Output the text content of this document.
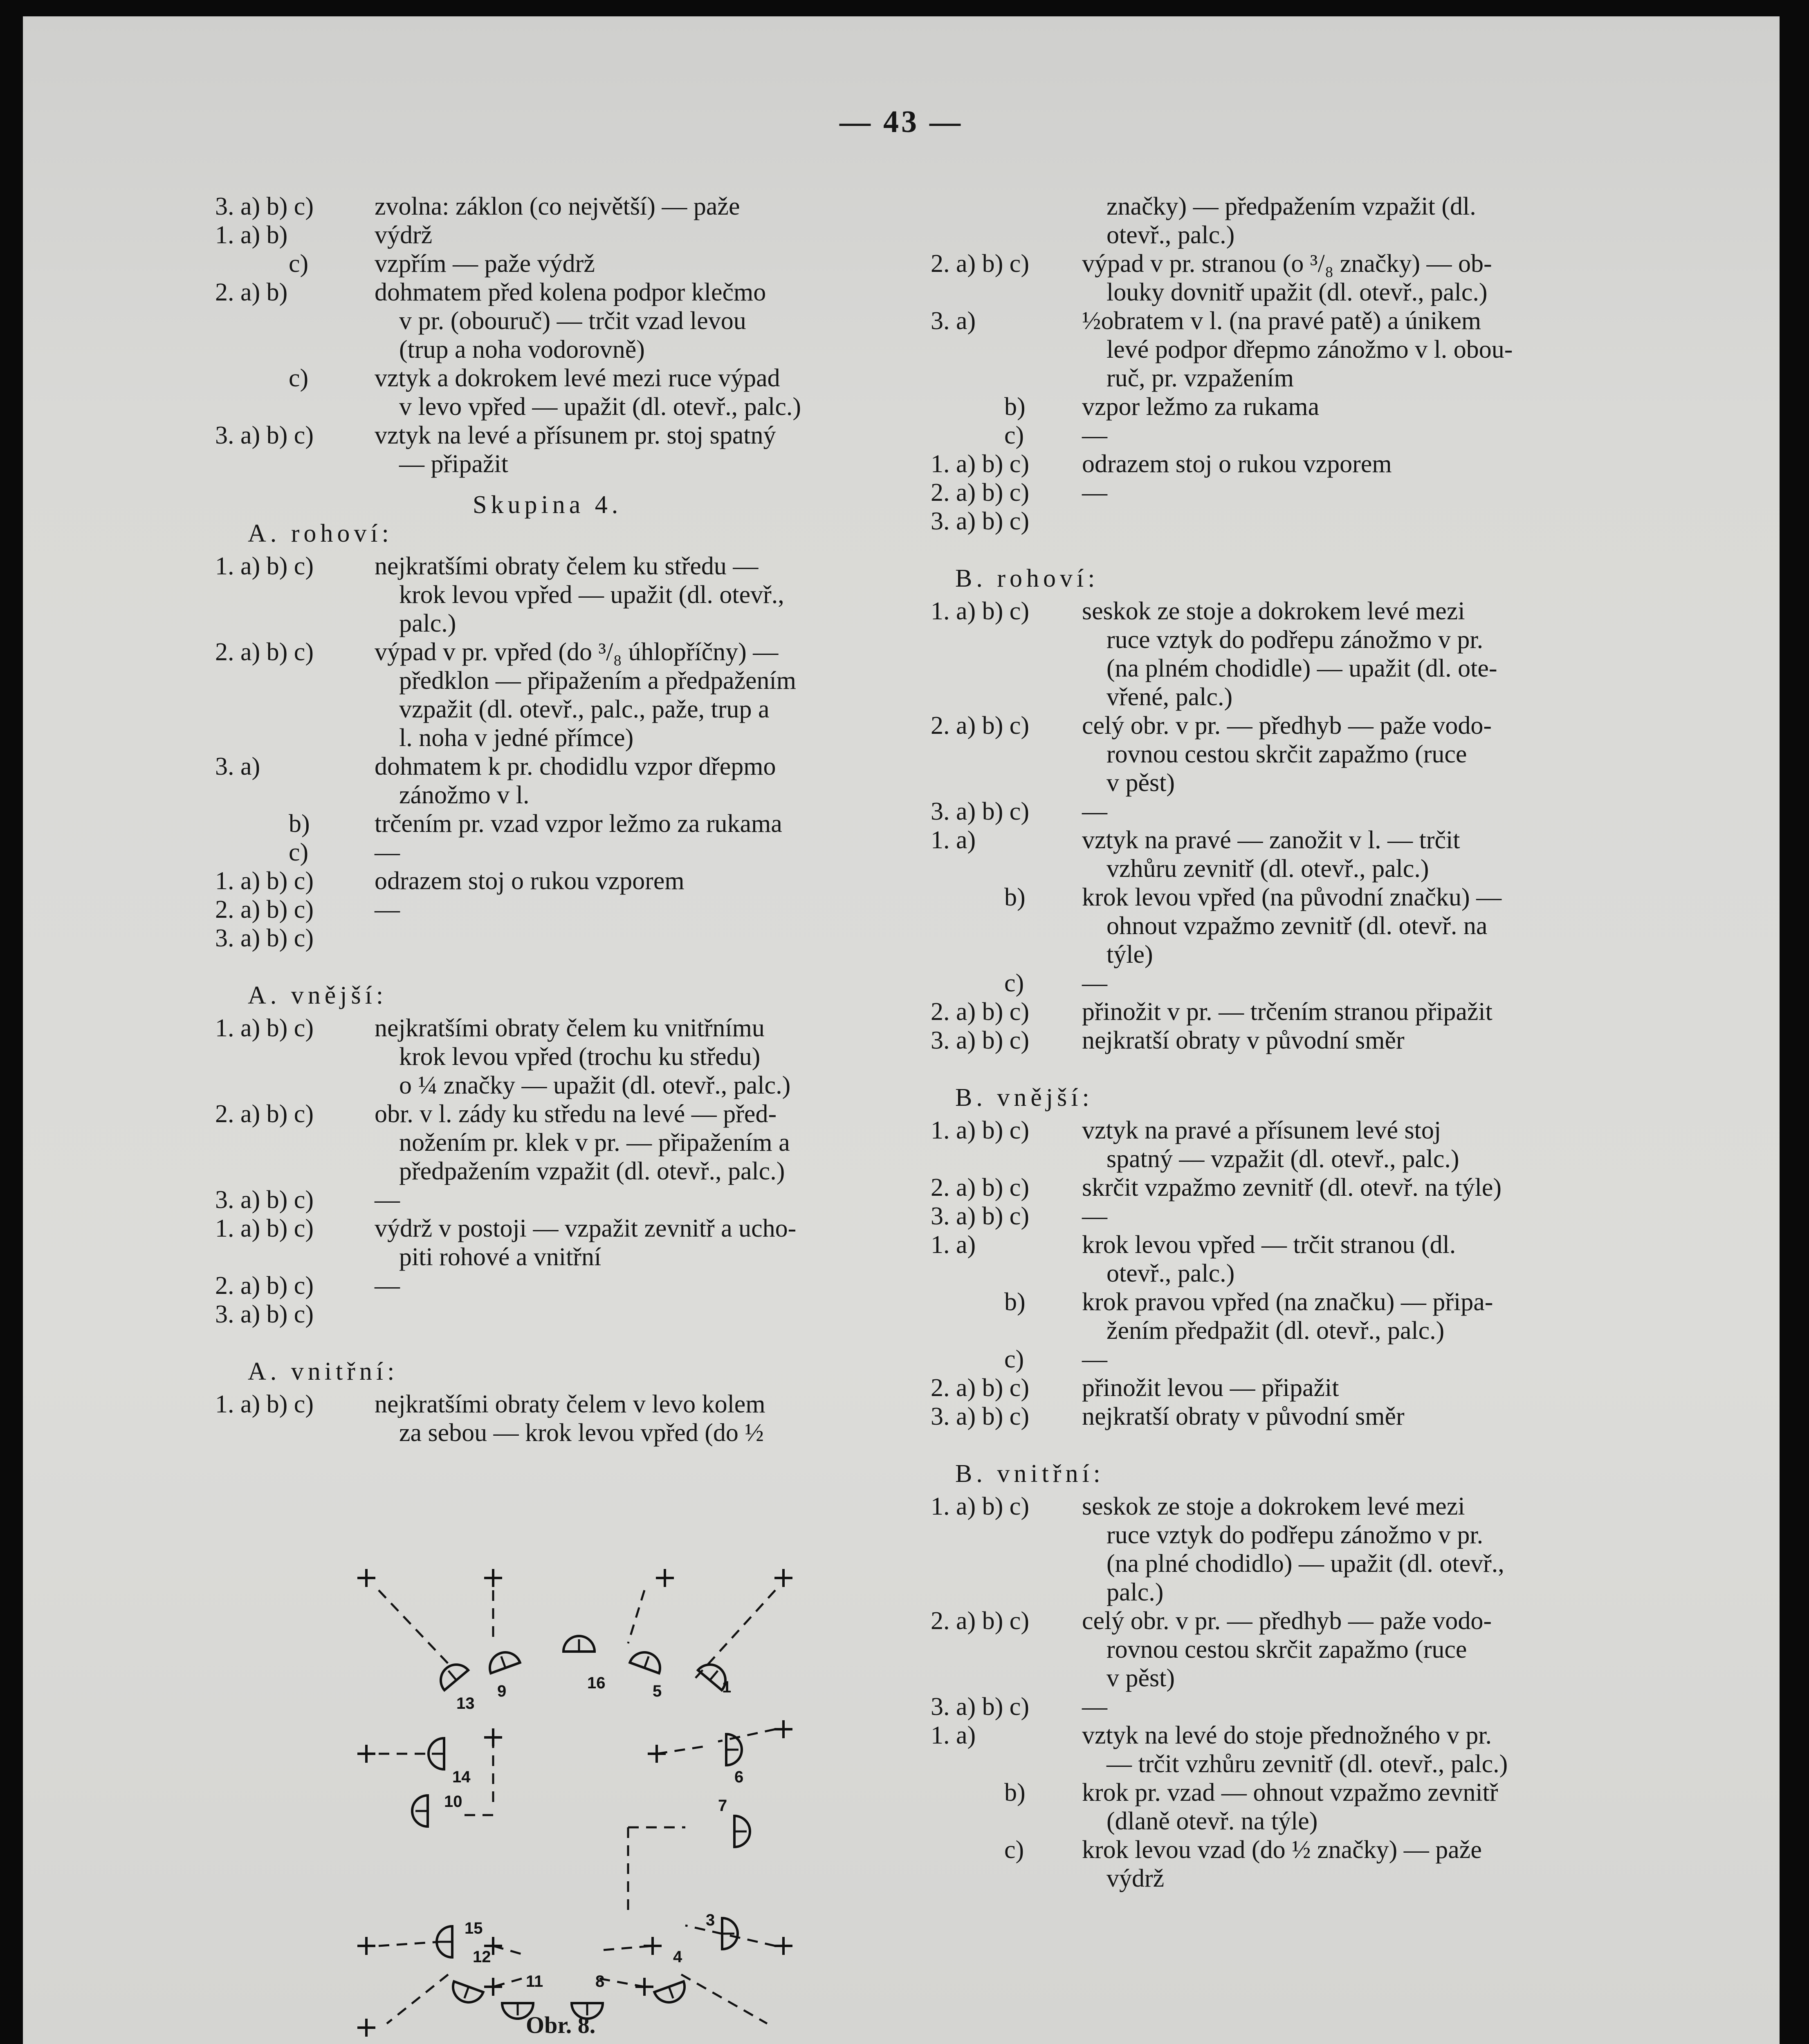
— 43 —
3. a) b) c) zvolna: záklon (co největší) — paže
1. a) b)	výdrž
c)	vzpřím — paže výdrž
2. a) b)	dohmatem před kolena podpor klečmo
v pr. (obouruč) — trčit vzad levou
(trup a noha vodorovně)
c)	vztyk a dokrokem levé mezi ruce výpad
v levo vpřed — upažit (dl. otevř., palc.)
3. a) b) c) vztyk na levé a přísunem pr. stoj spatný
— připažit
Skupina 4.
A. rohoví:
1. a) b) c) nejkratšími obraty čelem ku středu —
krok levou vpřed — upažit (dl. otevř.,
palc.)
2. a) b) c) výpad v pr. vpřed (do ³/₈ úhlopříčny) —
předklon — připažením a předpažením
vzpažit (dl. otevř., palc., paže, trup a
l. noha v jedné přímce)
3. a)	dohmatem k pr. chodidlu vzpor dřepmo
zánožmo v l.
b)	trčením pr. vzad vzpor ležmo za rukama
c)	—
1. a) b) c) odrazem stoj o rukou vzporem
2. a) b) c) —
3. a) b) c)
A. vnější:
1. a) b) c) nejkratšími obraty čelem ku vnitřnímu
krok levou vpřed (trochu ku středu)
o ¼ značky — upažit (dl. otevř., palc.)
2. a) b) c) obr. v l. zády ku středu na levé — před-
nožením pr. klek v pr. — připažením a
předpažením vzpažit (dl. otevř., palc.)
3. a) b) c) —
1. a) b) c) výdrž v postoji — vzpažit zevnitř a ucho-
piti rohové a vnitřní
2. a) b) c) —
3. a) b) c)
A. vnitřní:
1. a) b) c) nejkratšími obraty čelem v levo kolem
za sebou — krok levou vpřed (do ½
značky) — předpažením vzpažit (dl.
otevř., palc.)
2. a) b) c) výpad v pr. stranou (o ³/₈ značky) — ob-
louky dovnitř upažit (dl. otevř., palc.)
3. a)	½obratem v l. (na pravé patě) a únikem
levé podpor dřepmo zánožmo v l. obou-
ruč, pr. vzpažením
b) vzpor ležmo za rukama
c) —
1. a) b) c) odrazem stoj o rukou vzporem
2. a) b) c) —
3. a) b) c)
B. rohoví:
1. a) b) c) seskok ze stoje a dokrokem levé mezi
ruce vztyk do podřepu zánožmo v pr.
(na plném chodidle) — upažit (dl. ote-
vřené, palc.)
2. a) b) c) celý obr. v pr. — předhyb — paže vodo-
rovnou cestou skrčit zapažmo (ruce
v pěst)
3. a) b) c) —
1. a)	vztyk na pravé — zanožit v l. — trčit
vzhůru zevnitř (dl. otevř., palc.)
b) krok levou vpřed (na původní značku) —
ohnout vzpažmo zevnitř (dl. otevř. na
týle)
c) —
2. a) b) c) přinožit v pr. — trčením stranou připažit
3. a) b) c) nejkratší obraty v původní směr
B. vnější:
1. a) b) c) vztyk na pravé a přísunem levé stoj
spatný — vzpažit (dl. otevř., palc.)
2. a) b) c) skrčit vzpažmo zevnitř (dl. otevř. na týle)
3. a) b) c) —
1. a)	krok levou vpřed — trčit stranou (dl.
otevř., palc.)
b) krok pravou vpřed (na značku) — připa-
žením předpažit (dl. otevř., palc.)
c) —
2. a) b) c) přinožit levou — připažit
3. a) b) c) nejkratší obraty v původní směr
B. vnitřní:
1. a) b) c) seskok ze stoje a dokrokem levé mezi
ruce vztyk do podřepu zánožmo v pr.
(na plné chodidlo) — upažit (dl. otevř.,
palc.)
2. a) b) c) celý obr. v pr. — předhyb — paže vodo-
rovnou cestou skrčit zapažmo (ruce
v pěst)
3. a) b) c) —
1. a)	vztyk na levé do stoje přednožného v pr.
— trčit vzhůru zevnitř (dl. otevř., palc.)
b) krok pr. vzad — ohnout vzpažmo zevnitř
(dlaně otevř. na týle)
c) krok levou vzad (do ½ značky) — paže
výdrž
9	16	5
13
1
14	6
10	7
15	3
12
11	8
4
Obr. 8.
